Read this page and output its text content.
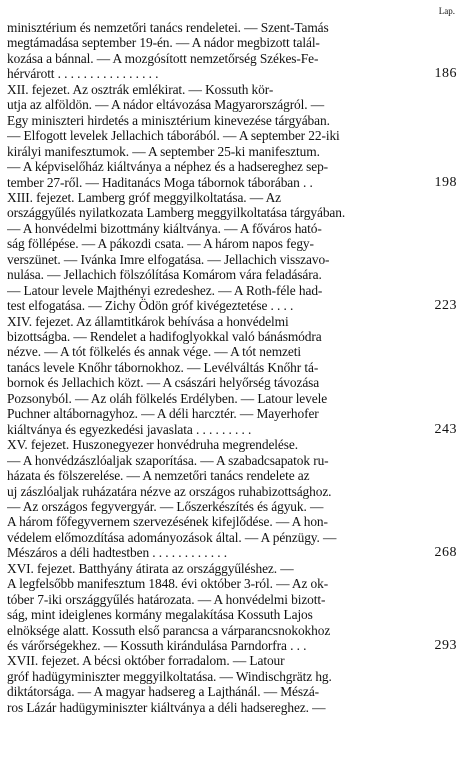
Lap.
minisztérium és nemzetőri tanács rendeletei. — Szent-Tamás
megtámadása september 19-én. — A nádor megbizott talál-
kozása a bánnal. — A mozgósított nemzetőrség Székes-Fe-
hérvárott . . . . . . . . . . . . . . . .	186
XII. fejezet. Az osztrák emlékirat. — Kossuth kör-
utja az alföldön. — A nádor eltávozása Magyarországról. —
Egy miniszteri hirdetés a minisztérium kinevezése tárgyában.
— Elfogott levelek Jellachich táborából. — A september 22-iki
királyi manifesztumok. — A september 25-ki manifesztum.
— A képviselőház kiáltványa a néphez és a hadsereghez sep-
tember 27-ről. — Haditanács Moga tábornok táborában . .	198
XIII. fejezet. Lamberg gróf meggyilkoltatása. — Az
országgyűlés nyilatkozata Lamberg meggyilkoltatása tárgyában.
— A honvédelmi bizottmány kiáltványa. — A főváros ható-
ság föllépése. — A pákozdi csata. — A három napos fegy-
verszünet. — Ivánka Imre elfogatása. — Jellachich visszavo-
nulása. — Jellachich fölszólítása Komárom vára feladására.
— Latour levele Majthényi ezredeshez. — A Roth-féle had-
test elfogatása. — Zichy Ödön gróf kivégeztetése . . . .	223
XIV. fejezet. Az államtitkárok behívása a honvédelmi
bizottságba. — Rendelet a hadifoglyokkal való bánásmódra
nézve. — A tót fölkelés és annak vége. — A tót nemzeti
tanács levele Knőhr tábornokhoz. — Levélváltás Knőhr tá-
bornok és Jellachich közt. — A császári helyőrség távozása
Pozsonyból. — Az oláh fölkelés Erdélyben. — Latour levele
Puchner altábornagyhoz. — A déli harcztér. — Mayerhofer
kiáltványa és egyezkedési javaslata . . . . . . . . .	243
XV. fejezet. Huszonegyezer honvédruha megrendelése.
— A honvédzászlóaljak szaporítása. — A szabadcsapatok ru-
házata és fölszerelése. — A nemzetőri tanács rendelete az
uj zászlóaljak ruházatára nézve az országos ruhabizottsághoz.
— Az országos fegyvergyár. — Lőszerkészítés és ágyuk. —
A három főfegyvernem szervezésének kifejlődése. — A hon-
védelem előmozdítása adományozások által. — A pénzügy. —
Mészáros a déli hadtestben . . . . . . . . . . . .	268
XVI. fejezet. Batthyány átirata az országgyűléshez. —
A legfelsőbb manifesztum 1848. évi október 3-ról. — Az ok-
tóber 7-iki országgyűlés határozata. — A honvédelmi bizott-
ság, mint ideiglenes kormány megalakítása Kossuth Lajos
elnöksége alatt. Kossuth első parancsa a várparancsnokokhoz
és várőrségekhez. — Kossuth kirándulása Parndorfra . . .	293
XVII. fejezet. A bécsi október forradalom. — Latour
gróf hadügyminiszter meggyilkoltatása. — Windischgrätz hg.
diktátorsága. — A magyar hadsereg a Lajthánál. — Mészá-
ros Lázár hadügyminiszter kiáltványa a déli hadsereghez. —
